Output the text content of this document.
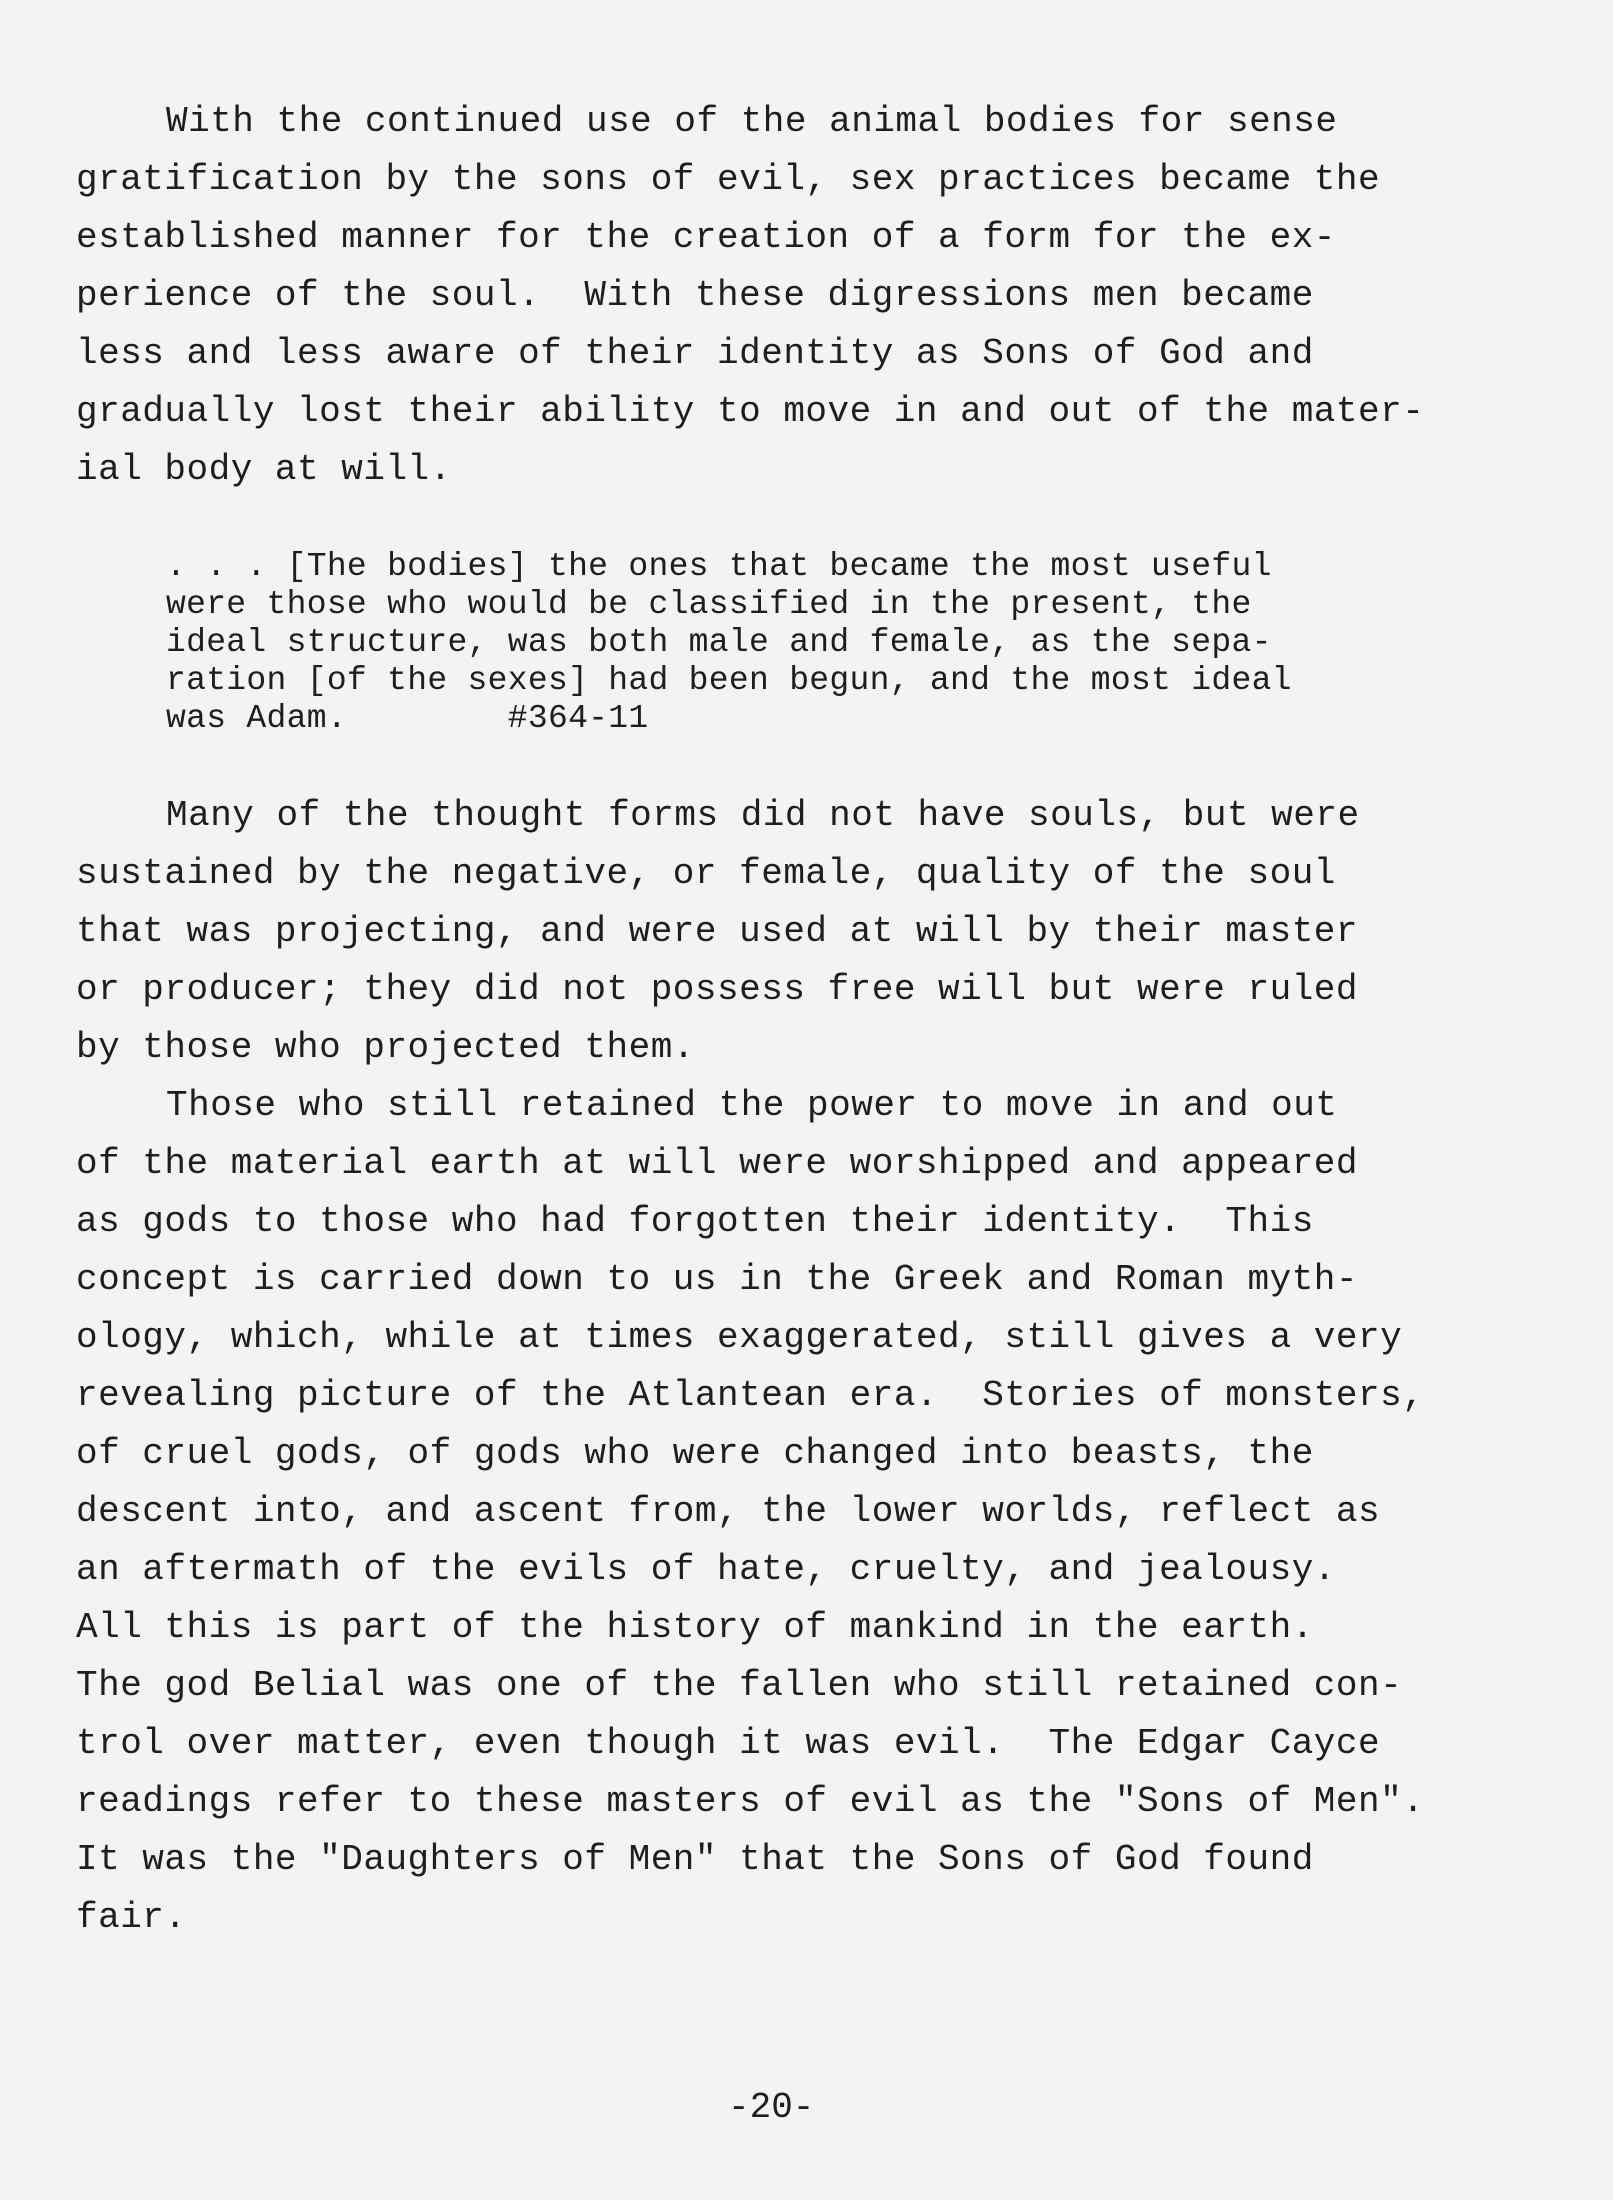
With the continued use of the animal bodies for sense
gratification by the sons of evil, sex practices became the
established manner for the creation of a form for the ex-
perience of the soul.  With these digressions men became
less and less aware of their identity as Sons of God and
gradually lost their ability to move in and out of the mater-
ial body at will.
. . . [The bodies] the ones that became the most useful
were those who would be classified in the present, the
ideal structure, was both male and female, as the sepa-
ration [of the sexes] had been begun, and the most ideal
was Adam.        #364-11
Many of the thought forms did not have souls, but were
sustained by the negative, or female, quality of the soul
that was projecting, and were used at will by their master
or producer; they did not possess free will but were ruled
by those who projected them.
Those who still retained the power to move in and out
of the material earth at will were worshipped and appeared
as gods to those who had forgotten their identity.  This
concept is carried down to us in the Greek and Roman myth-
ology, which, while at times exaggerated, still gives a very
revealing picture of the Atlantean era.  Stories of monsters,
of cruel gods, of gods who were changed into beasts, the
descent into, and ascent from, the lower worlds, reflect as
an aftermath of the evils of hate, cruelty, and jealousy.
All this is part of the history of mankind in the earth.
The god Belial was one of the fallen who still retained con-
trol over matter, even though it was evil.  The Edgar Cayce
readings refer to these masters of evil as the "Sons of Men".
It was the "Daughters of Men" that the Sons of God found
fair.
-20-
